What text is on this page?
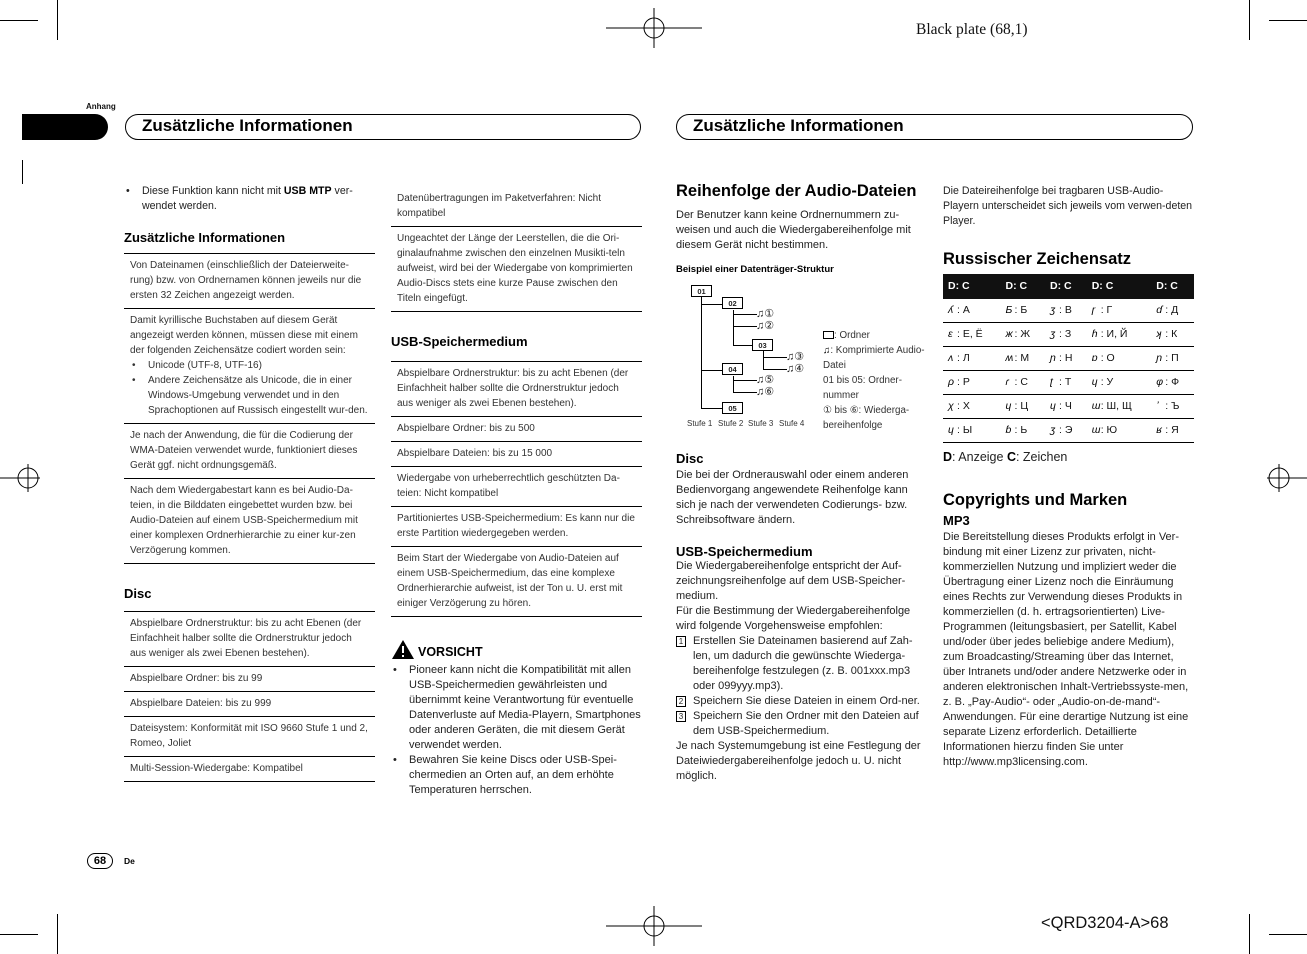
Black plate (68,1)
Anhang
Zusätzliche Informationen	Zusätzliche Informationen
• Diese Funktion kann nicht mit USB MTP ver-wendet werden.
Zusätzliche Informationen
Von Dateinamen (einschließlich der Dateierweite-rung) bzw. von Ordnernamen können jeweils nur die ersten 32 Zeichen angezeigt werden.
Damit kyrillische Buchstaben auf diesem Gerät angezeigt werden können, müssen diese mit einem der folgenden Zeichensätze codiert worden sein:
• Unicode (UTF-8, UTF-16)
• Andere Zeichensätze als Unicode, die in einer Windows-Umgebung verwendet und in den Sprachoptionen auf Russisch eingestellt wur-den.
Je nach der Anwendung, die für die Codierung der WMA-Dateien verwendet wurde, funktioniert dieses Gerät ggf. nicht ordnungsgemäß.
Nach dem Wiedergabestart kann es bei Audio-Da-teien, in die Bilddaten eingebettet wurden bzw. bei Audio-Dateien auf einem USB-Speichermedium mit einer komplexen Ordnerhierarchie zu einer kur-zen Verzögerung kommen.
Disc
Abspielbare Ordnerstruktur: bis zu acht Ebenen (der Einfachheit halber sollte die Ordnerstruktur jedoch aus weniger als zwei Ebenen bestehen).
Abspielbare Ordner: bis zu 99
Abspielbare Dateien: bis zu 999
Dateisystem: Konformität mit ISO 9660 Stufe 1 und 2, Romeo, Joliet
Multi-Session-Wiedergabe: Kompatibel
Datenübertragungen im Paketverfahren: Nicht kompatibel
Ungeachtet der Länge der Leerstellen, die die Ori-ginalaufnahme zwischen den einzelnen Musikti-teln aufweist, wird bei der Wiedergabe von komprimierten Audio-Discs stets eine kurze Pause zwischen den Titeln eingefügt.
USB-Speichermedium
Abspielbare Ordnerstruktur: bis zu acht Ebenen (der Einfachheit halber sollte die Ordnerstruktur jedoch aus weniger als zwei Ebenen bestehen).
Abspielbare Ordner: bis zu 500
Abspielbare Dateien: bis zu 15 000
Wiedergabe von urheberrechtlich geschützten Da-teien: Nicht kompatibel
Partitioniertes USB-Speichermedium: Es kann nur die erste Partition wiedergegeben werden.
Beim Start der Wiedergabe von Audio-Dateien auf einem USB-Speichermedium, das eine komplexe Ordnerhierarchie aufweist, ist der Ton u. U. erst mit einiger Verzögerung zu hören.
VORSICHT
• Pioneer kann nicht die Kompatibilität mit allen USB-Speichermedien gewährleisten und übernimmt keine Verantwortung für eventuelle Datenverluste auf Media-Playern, Smartphones oder anderen Geräten, die mit diesem Gerät verwendet werden.
• Bewahren Sie keine Discs oder USB-Spei-chermedien an Orten auf, an dem erhöhte Temperaturen herrschen.
Reihenfolge der Audio-Dateien
Der Benutzer kann keine Ordnernummern zu-weisen und auch die Wiedergabereihenfolge mit diesem Gerät nicht bestimmen.
Beispiel einer Datenträger-Struktur
01
02
03
04
05
♫①
♫②
♫③
♫④
♫⑤
♫⑥
Stufe 1 Stufe 2 Stufe 3 Stufe 4
: Ordner
♫: Komprimierte Audio-Datei
01 bis 05: Ordner-nummer
① bis ⑥: Wiederga-bereihenfolge
Disc
Die bei der Ordnerauswahl oder einem anderen Bedienvorgang angewendete Reihenfolge kann sich je nach der verwendeten Codierungs- bzw. Schreibsoftware ändern.
USB-Speichermedium
Die Wiedergabereihenfolge entspricht der Auf-zeichnungsreihenfolge auf dem USB-Speicher-medium.
Für die Bestimmung der Wiedergabereihenfolge wird folgende Vorgehensweise empfohlen:
1 Erstellen Sie Dateinamen basierend auf Zah-len, um dadurch die gewünschte Wiederga-bereihenfolge festzulegen (z. B. 001xxx.mp3 oder 099yyy.mp3).
2 Speichern Sie diese Dateien in einem Ord-ner.
3 Speichern Sie den Ordner mit den Dateien auf dem USB-Speichermedium.
Je nach Systemumgebung ist eine Festlegung der Dateiwiedergabereihenfolge jedoch u. U. nicht möglich.
Die Dateireihenfolge bei tragbaren USB-Audio-Playern unterscheidet sich jeweils vom verwen-deten Player.
Russischer Zeichensatz
D: C	D: C	D: C	D: C	D: C
ʎ : А	Ƃ : Б	ʒ : В	ɼ : Г	ɗ : Д
ɛ : Е, Ё	ж : Ж	ʒ : З	ɦ : И, Й	ʞ : К
ʌ : Л	ʍ: М	ɲ : Н	ɒ : О	ɲ : П
ρ : Р	ɾ : С	ʈ : Т	ɥ : У	φ : Ф
χ : Х	ɥ : Ц	ɥ : Ч	ɯ: Ш, Щ	ʼ : Ъ
ɥ : Ы	ɓ : Ь	ʒ : Э	ɯ: Ю	ʁ : Я
D: Anzeige C: Zeichen
Copyrights und Marken
MP3
Die Bereitstellung dieses Produkts erfolgt in Ver-bindung mit einer Lizenz zur privaten, nicht-kommerziellen Nutzung und impliziert weder die Übertragung einer Lizenz noch die Einräumung eines Rechts zur Verwendung dieses Produkts in kommerziellen (d. h. ertragsorientierten) Live-Programmen (leitungsbasiert, per Satellit, Kabel und/oder über jedes beliebige andere Medium), zum Broadcasting/Streaming über das Internet, über Intranets und/oder andere Netzwerke oder in anderen elektronischen Inhalt-Vertriebssyste-men, z. B. „Pay-Audio“- oder „Audio-on-de-mand“-Anwendungen. Für eine derartige Nutzung ist eine separate Lizenz erforderlich. Detaillierte Informationen hierzu finden Sie unter
http://www.mp3licensing.com.
68	De
<QRD3204-A>68
